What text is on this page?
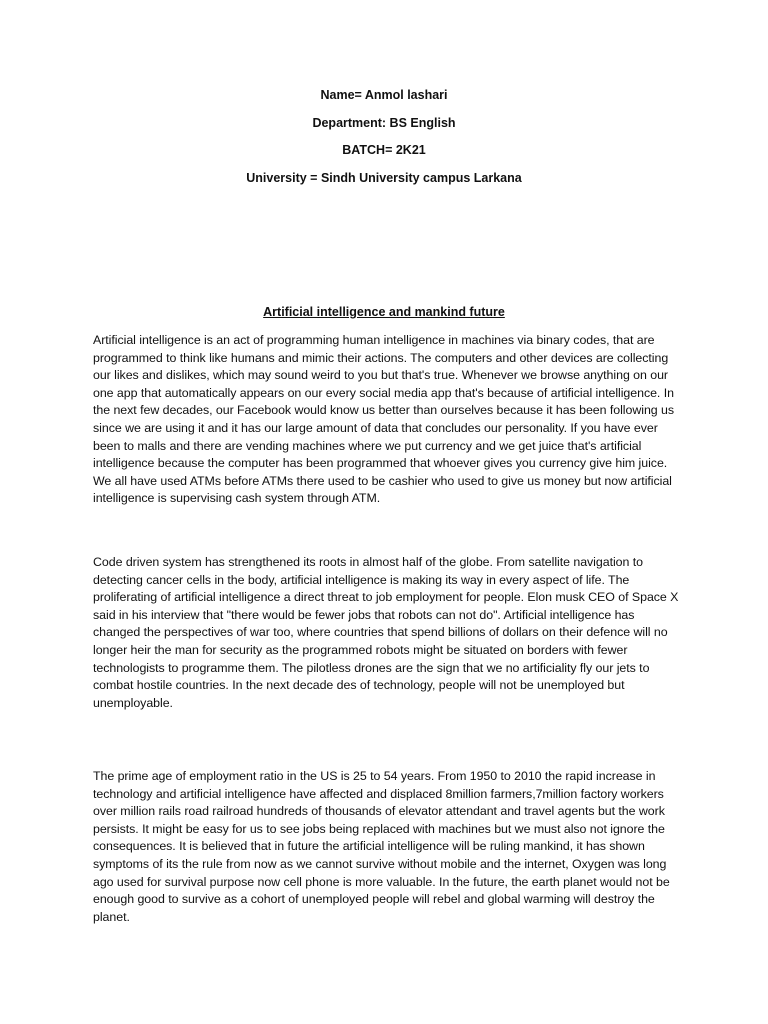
Name= Anmol lashari
Department: BS English
BATCH= 2K21
University = Sindh University campus Larkana
Artificial intelligence and mankind future

Artificial intelligence is an act of programming human intelligence in machines via binary codes, that are programmed to think like humans and mimic their actions. The computers and other devices are collecting our likes and dislikes, which may sound weird to you but that's true. Whenever we browse anything on our one app that automatically appears on our every social media app that's because of artificial intelligence. In the next few decades, our Facebook would know us better than ourselves because it has been following us since we are using it and it has our large amount of data that concludes our personality. If you have ever been to malls and there are vending machines where we put currency and we get juice that's artificial intelligence because the computer has been programmed that whoever gives you currency give him juice. We all have used ATMs before ATMs there used to be cashier who used to give us money but now artificial intelligence is supervising cash system through ATM.

Code driven system has strengthened its roots in almost half of the globe. From satellite navigation to detecting cancer cells in the body, artificial intelligence is making its way in every aspect of life. The proliferating of artificial intelligence a direct threat to job employment for people. Elon musk CEO of Space X said in his interview that "there would be fewer jobs that robots can not do". Artificial intelligence has changed the perspectives of war too, where countries that spend billions of dollars on their defence will no longer heir the man for security as the programmed robots might be situated on borders with fewer technologists to programme them. The pilotless drones are the sign that we no artificiality fly our jets to combat hostile countries. In the next decade des of technology, people will not be unemployed but unemployable.

The prime age of employment ratio in the US is 25 to 54 years. From 1950 to 2010 the rapid increase in technology and artificial intelligence have affected and displaced 8million farmers,7million factory workers over million rails road railroad hundreds of thousands of elevator attendant and travel agents but the work persists. It might be easy for us to see jobs being replaced with machines but we must also not ignore the consequences. It is believed that in future the artificial intelligence will be ruling mankind, it has shown symptoms of its the rule from now as we cannot survive without mobile and the internet, Oxygen was long ago used for survival purpose now cell phone is more valuable. In the future, the earth planet would not be enough good to survive as a cohort of unemployed people will rebel and global warming will destroy the planet.
